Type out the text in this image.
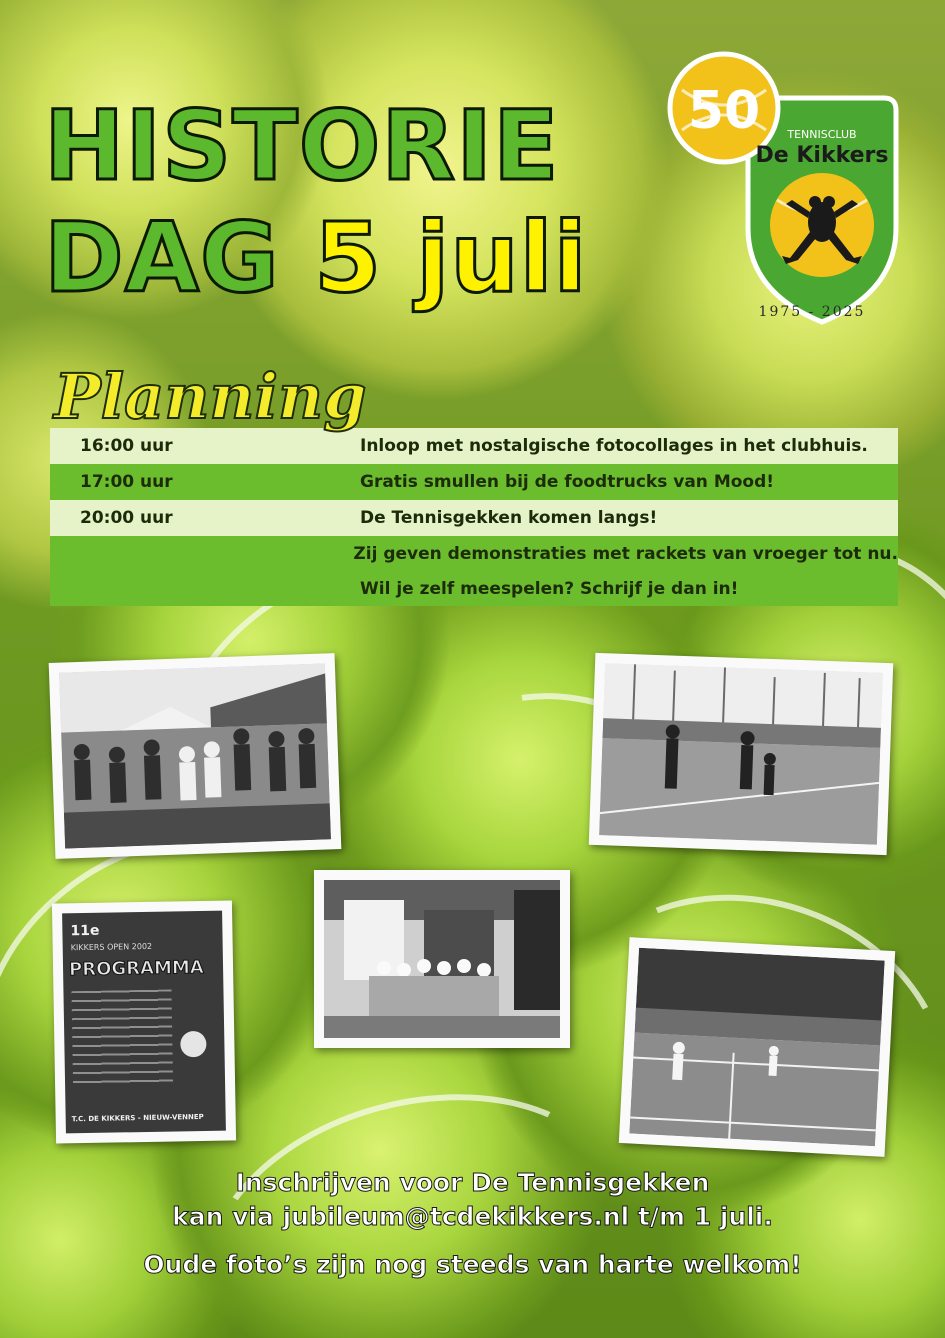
HISTORIE
DAG 5 juli
50 TENNISCLUB
De Kikkers
1975 - 2025
Planning
16:00 uur	Inloop met nostalgische fotocollages in het clubhuis.
17:00 uur	Gratis smullen bij de foodtrucks van Mood!
20:00 uur	De Tennisgekken komen langs!
Zij geven demonstraties met rackets van vroeger tot nu.
Wil je zelf meespelen? Schrijf je dan in!
11e
KIKKERS OPEN 2002
PROGRAMMA
T.C. DE KIKKERS - NIEUW-VENNEP

Inschrijven voor De Tennisgekken

kan via jubileum@tcdekikkers.nl t/m 1 juli.

Oude foto’s zijn nog steeds van harte welkom!
